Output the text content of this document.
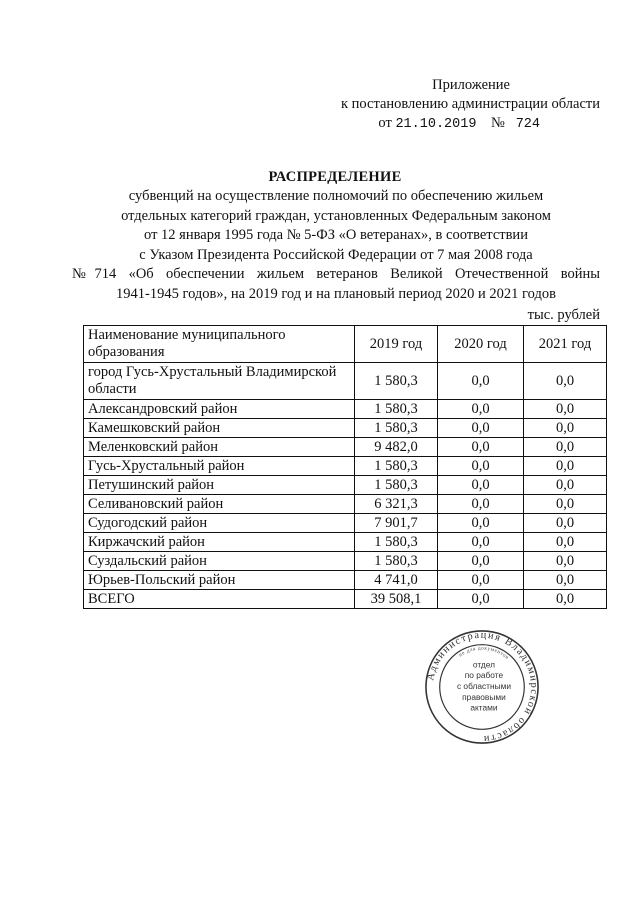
Приложение
к постановлению администрации области
от 21.10.2019 № 724
РАСПРЕДЕЛЕНИЕ
субвенций на осуществление полномочий по обеспечению жильем
отдельных категорий граждан, установленных Федеральным законом
от 12 января 1995 года № 5-ФЗ «О ветеранах», в соответствии
с Указом Президента Российской Федерации от 7 мая 2008 года
№714 «Об обеспечении жильем ветеранов Великой Отечественной войны
1941-1945 годов», на 2019 год и на плановый период 2020 и 2021 годов
тыс. рублей
Наименование муниципального образования	2019 год	2020 год	2021 год
город Гусь-Хрустальный Владимирской области	1 580,3	0,0	0,0
Александровский район	1 580,3	0,0	0,0
Камешковский район	1 580,3	0,0	0,0
Меленковский район	9 482,0	0,0	0,0
Гусь-Хрустальный район	1 580,3	0,0	0,0
Петушинский район	1 580,3	0,0	0,0
Селивановский район	6 321,3	0,0	0,0
Судогодский район	7 901,7	0,0	0,0
Киржачский район	1 580,3	0,0	0,0
Суздальский район	1 580,3	0,0	0,0
Юрьев-Польский район	4 741,0	0,0	0,0
ВСЕГО	39 508,1	0,0	0,0
Администрация Владимирской области
не для документов
отдел
по работе
с областными
правовыми
актами
